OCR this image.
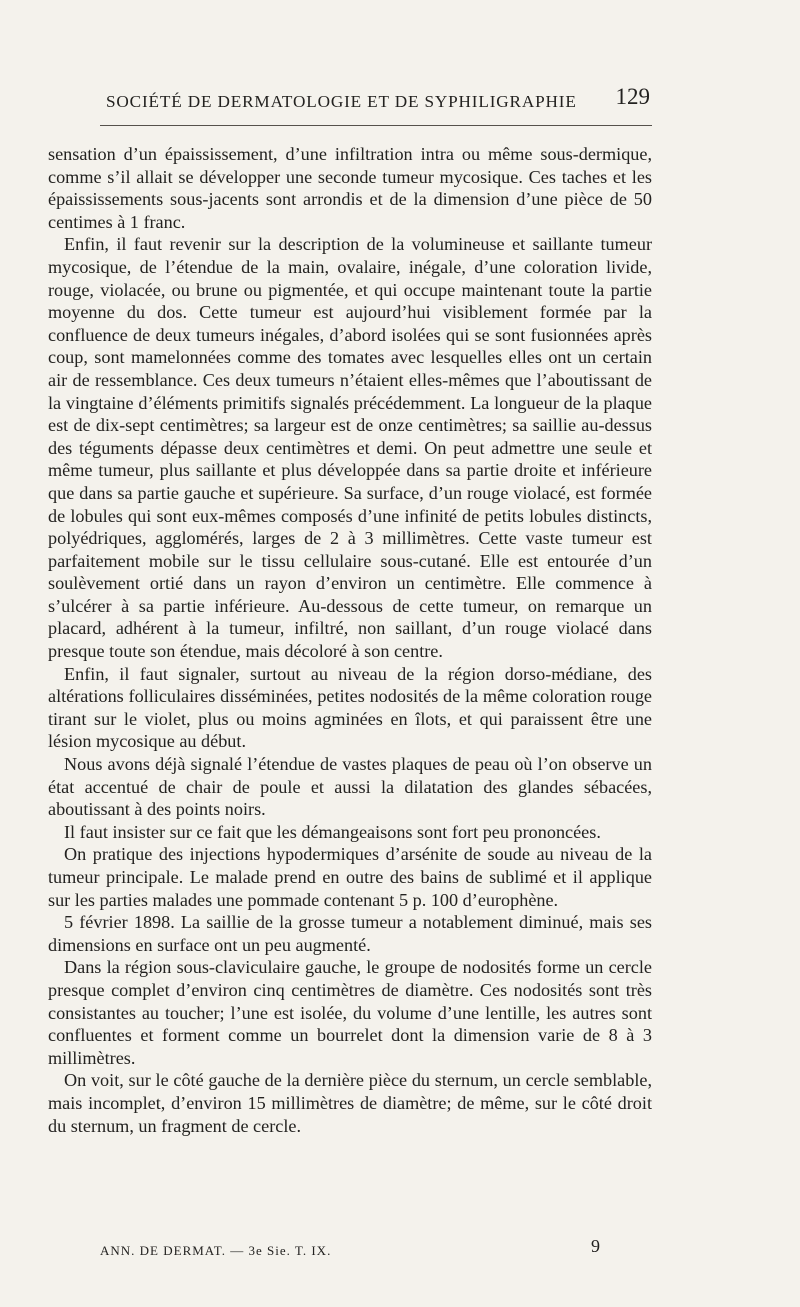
SOCIÉTÉ DE DERMATOLOGIE ET DE SYPHILIGRAPHIE 129

sensation d’un épaississement, d’une infiltration intra ou même sous-dermique, comme s’il allait se développer une seconde tumeur mycosique. Ces taches et les épaississements sous-jacents sont arrondis et de la dimension d’une pièce de 50 centimes à 1 franc.

Enfin, il faut revenir sur la description de la volumineuse et saillante tumeur mycosique, de l’étendue de la main, ovalaire, inégale, d’une coloration livide, rouge, violacée, ou brune ou pigmentée, et qui occupe maintenant toute la partie moyenne du dos. Cette tumeur est aujourd’hui visiblement formée par la confluence de deux tumeurs inégales, d’abord isolées qui se sont fusionnées après coup, sont mamelonnées comme des tomates avec lesquelles elles ont un certain air de ressemblance. Ces deux tumeurs n’étaient elles-mêmes que l’aboutissant de la vingtaine d’éléments primitifs signalés précédemment. La longueur de la plaque est de dix-sept centimètres; sa largeur est de onze centimètres; sa saillie au-dessus des téguments dépasse deux centimètres et demi. On peut admettre une seule et même tumeur, plus saillante et plus développée dans sa partie droite et inférieure que dans sa partie gauche et supérieure. Sa surface, d’un rouge violacé, est formée de lobules qui sont eux-mêmes composés d’une infinité de petits lobules distincts, polyédriques, agglomérés, larges de 2 à 3 millimètres. Cette vaste tumeur est parfaitement mobile sur le tissu cellulaire sous-cutané. Elle est entourée d’un soulèvement ortié dans un rayon d’environ un centimètre. Elle commence à s’ulcérer à sa partie inférieure. Au-dessous de cette tumeur, on remarque un placard, adhérent à la tumeur, infiltré, non saillant, d’un rouge violacé dans presque toute son étendue, mais décoloré à son centre.

Enfin, il faut signaler, surtout au niveau de la région dorso-médiane, des altérations folliculaires disséminées, petites nodosités de la même coloration rouge tirant sur le violet, plus ou moins agminées en îlots, et qui paraissent être une lésion mycosique au début.

Nous avons déjà signalé l’étendue de vastes plaques de peau où l’on observe un état accentué de chair de poule et aussi la dilatation des glandes sébacées, aboutissant à des points noirs.

Il faut insister sur ce fait que les démangeaisons sont fort peu prononcées.

On pratique des injections hypodermiques d’arsénite de soude au niveau de la tumeur principale. Le malade prend en outre des bains de sublimé et il applique sur les parties malades une pommade contenant 5 p. 100 d’europhène.

5 février 1898. La saillie de la grosse tumeur a notablement diminué, mais ses dimensions en surface ont un peu augmenté.

Dans la région sous-claviculaire gauche, le groupe de nodosités forme un cercle presque complet d’environ cinq centimètres de diamètre. Ces nodosités sont très consistantes au toucher; l’une est isolée, du volume d’une lentille, les autres sont confluentes et forment comme un bourrelet dont la dimension varie de 8 à 3 millimètres.

On voit, sur le côté gauche de la dernière pièce du sternum, un cercle semblable, mais incomplet, d’environ 15 millimètres de diamètre; de même, sur le côté droit du sternum, un fragment de cercle.

ANN. DE DERMAT. — 3e Sie. T. IX.	9
